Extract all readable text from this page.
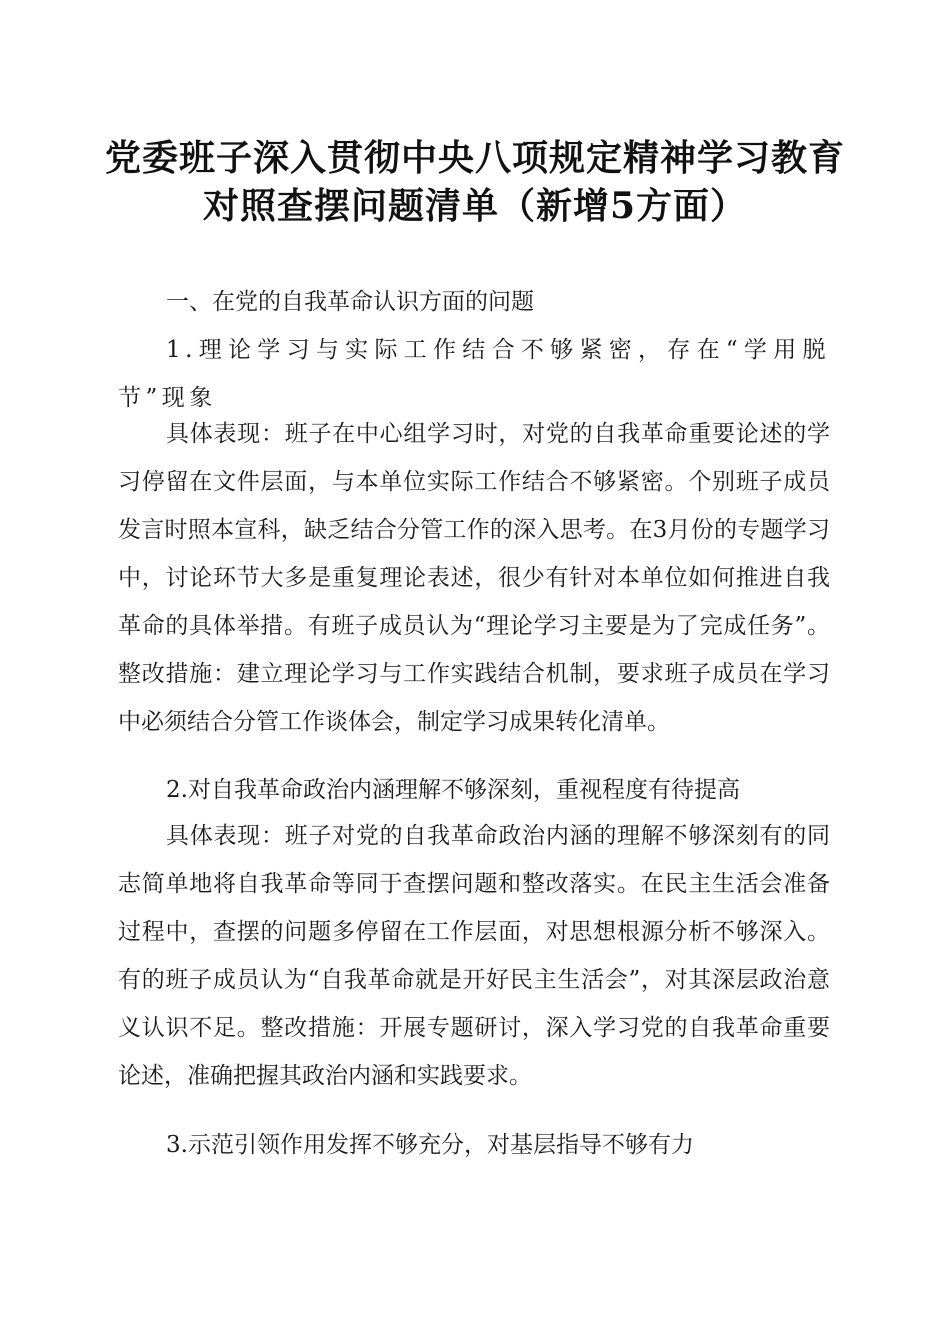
党委班子深入贯彻中央八项规定精神学习教育
对照查摆问题清单（新增5方面）

一、在党的自我革命认识方面的问题

1.理论学习与实际工作结合不够紧密，存在“学用脱节”现象

具体表现：班子在中心组学习时，对党的自我革命重要论述的学习停留在文件层面，与本单位实际工作结合不够紧密。个别班子成员发言时照本宣科，缺乏结合分管工作的深入思考。在3月份的专题学习中，讨论环节大多是重复理论表述，很少有针对本单位如何推进自我革命的具体举措。有班子成员认为“理论学习主要是为了完成任务”。整改措施：建立理论学习与工作实践结合机制，要求班子成员在学习中必须结合分管工作谈体会，制定学习成果转化清单。

2.对自我革命政治内涵理解不够深刻，重视程度有待提高

具体表现：班子对党的自我革命政治内涵的理解不够深刻有的同志简单地将自我革命等同于查摆问题和整改落实。在民主生活会准备过程中，查摆的问题多停留在工作层面，对思想根源分析不够深入。有的班子成员认为“自我革命就是开好民主生活会”，对其深层政治意义认识不足。整改措施：开展专题研讨，深入学习党的自我革命重要论述，准确把握其政治内涵和实践要求。

3.示范引领作用发挥不够充分，对基层指导不够有力
